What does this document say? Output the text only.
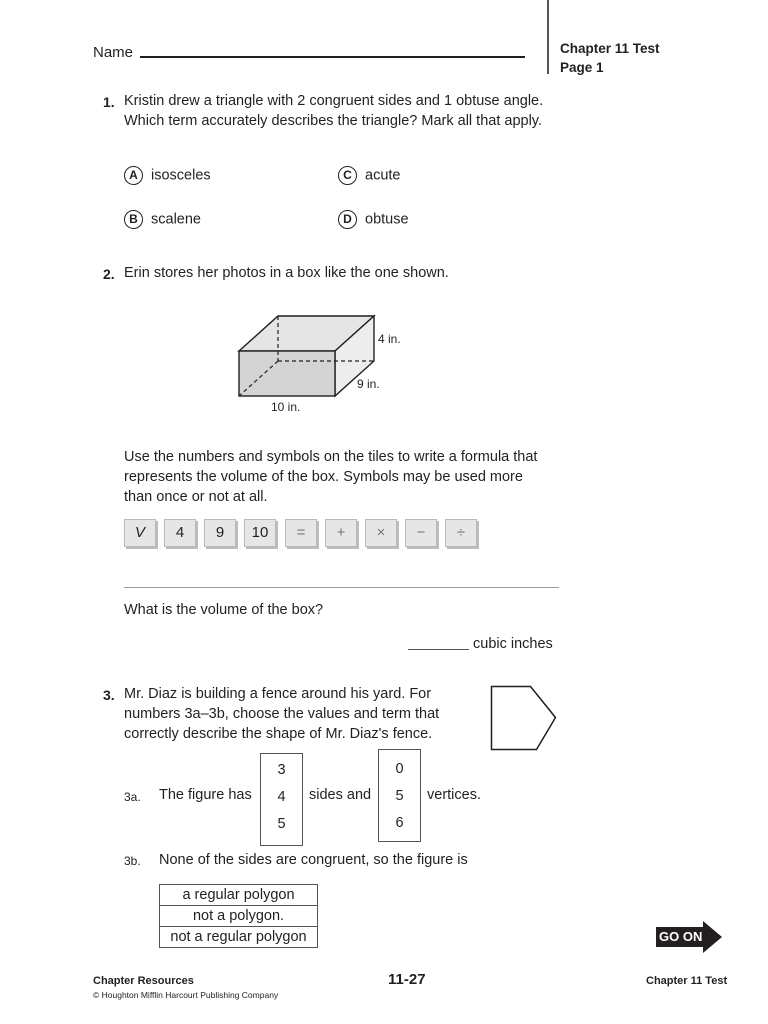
Name	Chapter 11 Test
Page 1
1. Kristin drew a triangle with 2 congruent sides and 1 obtuse angle. Which term accurately describes the triangle? Mark all that apply.
A isosceles	C acute
B scalene	D obtuse
2. Erin stores her photos in a box like the one shown.
4 in.
9 in.
10 in.
Use the numbers and symbols on the tiles to write a formula that represents the volume of the box. Symbols may be used more than once or not at all.
V	4	9	10	=	+	×	−	÷
What is the volume of the box?
cubic inches
3. Mr. Diaz is building a fence around his yard. For numbers 3a–3b, choose the values and term that correctly describe the shape of Mr. Diaz's fence.
3a. The figure has
3
4
5
sides and
0
5
6
vertices.
3b. None of the sides are congruent, so the figure is
a regular polygon
not a polygon.
not a regular polygon	GO ON
Chapter Resources
© Houghton Mifflin Harcourt Publishing Company
11-27	Chapter 11 Test
